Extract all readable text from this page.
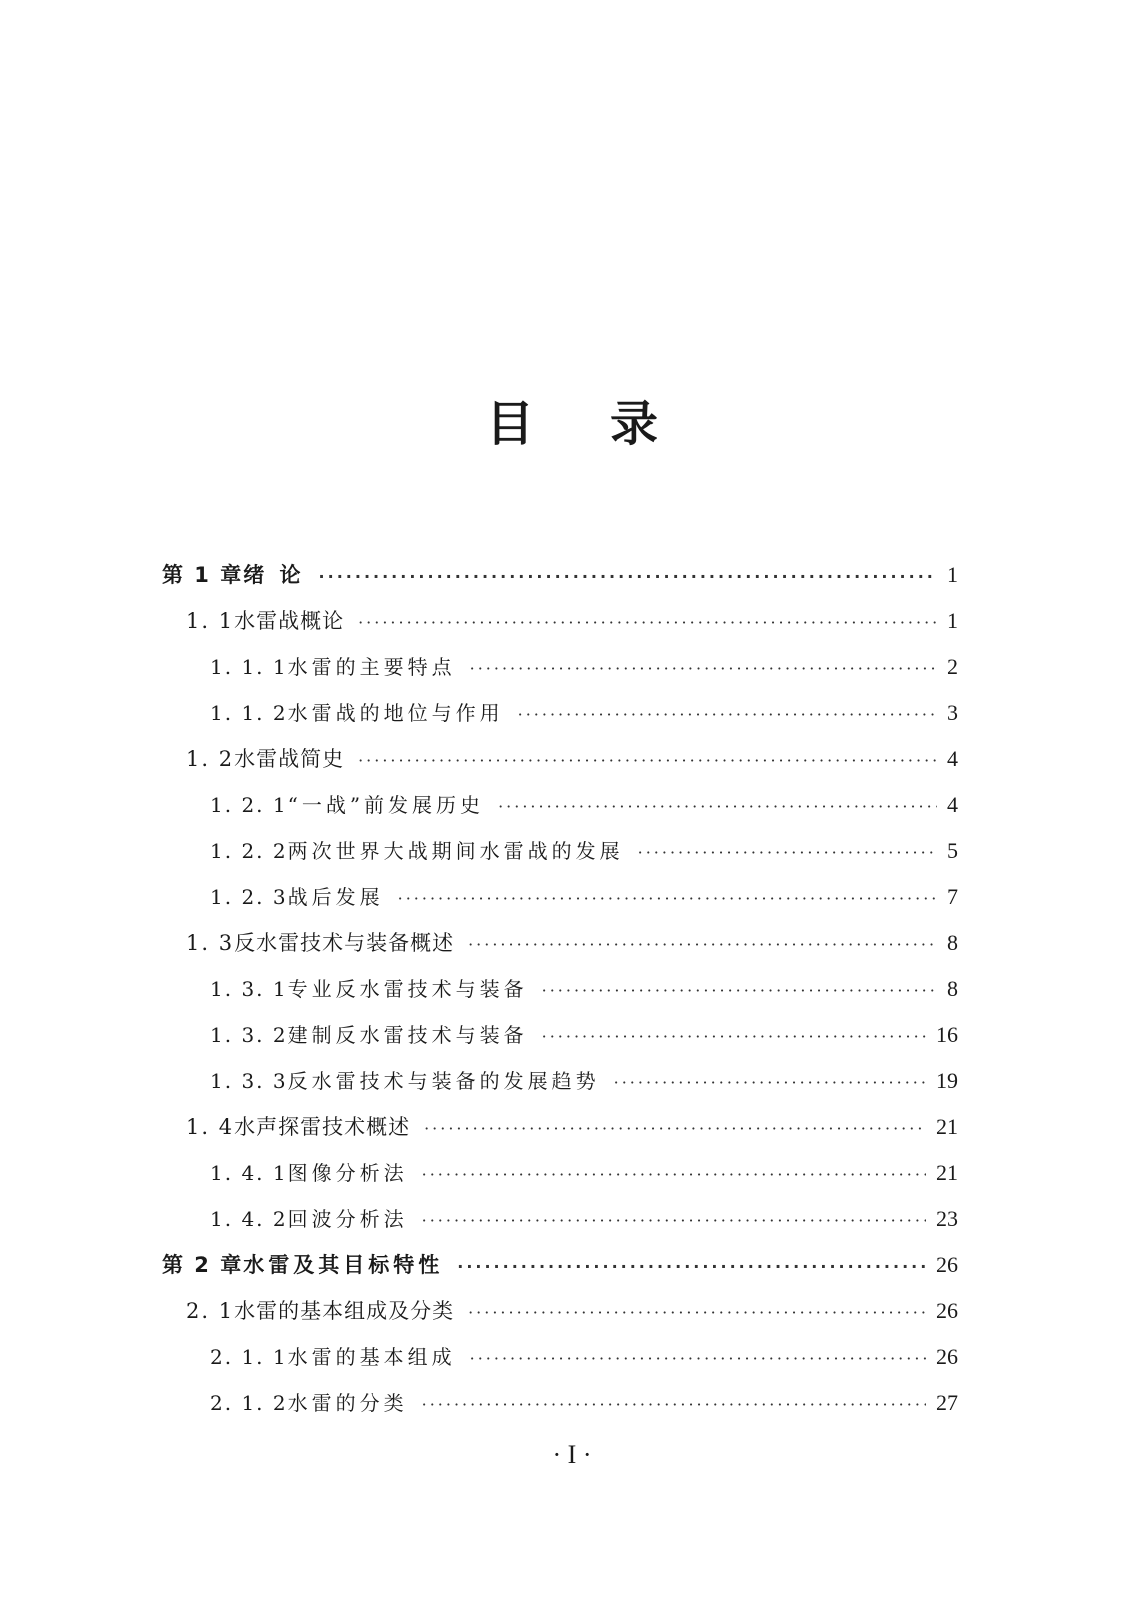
目 录
第 1 章 绪 论 ·····	1
1. 1 水雷战概论 ·····	1
1. 1. 1 水雷的主要特点 ·····	2
1. 1. 2 水雷战的地位与作用 ·····	3
1. 2 水雷战简史 ·····	4
1. 2. 1 “一战”前发展历史 ·····	4
1. 2. 2 两次世界大战期间水雷战的发展 ·····	5
1. 2. 3 战后发展 ·····	7
1. 3 反水雷技术与装备概述 ·····	8
1. 3. 1 专业反水雷技术与装备 ·····	8
1. 3. 2 建制反水雷技术与装备 ·····	16
1. 3. 3 反水雷技术与装备的发展趋势 ·····	19
1. 4 水声探雷技术概述 ·····	21
1. 4. 1 图像分析法 ·····	21
1. 4. 2 回波分析法 ·····	23
第 2 章 水雷及其目标特性 ·····	26
2. 1 水雷的基本组成及分类 ·····	26
2. 1. 1 水雷的基本组成 ·····	26
2. 1. 2 水雷的分类 ·····	27
· I ·
